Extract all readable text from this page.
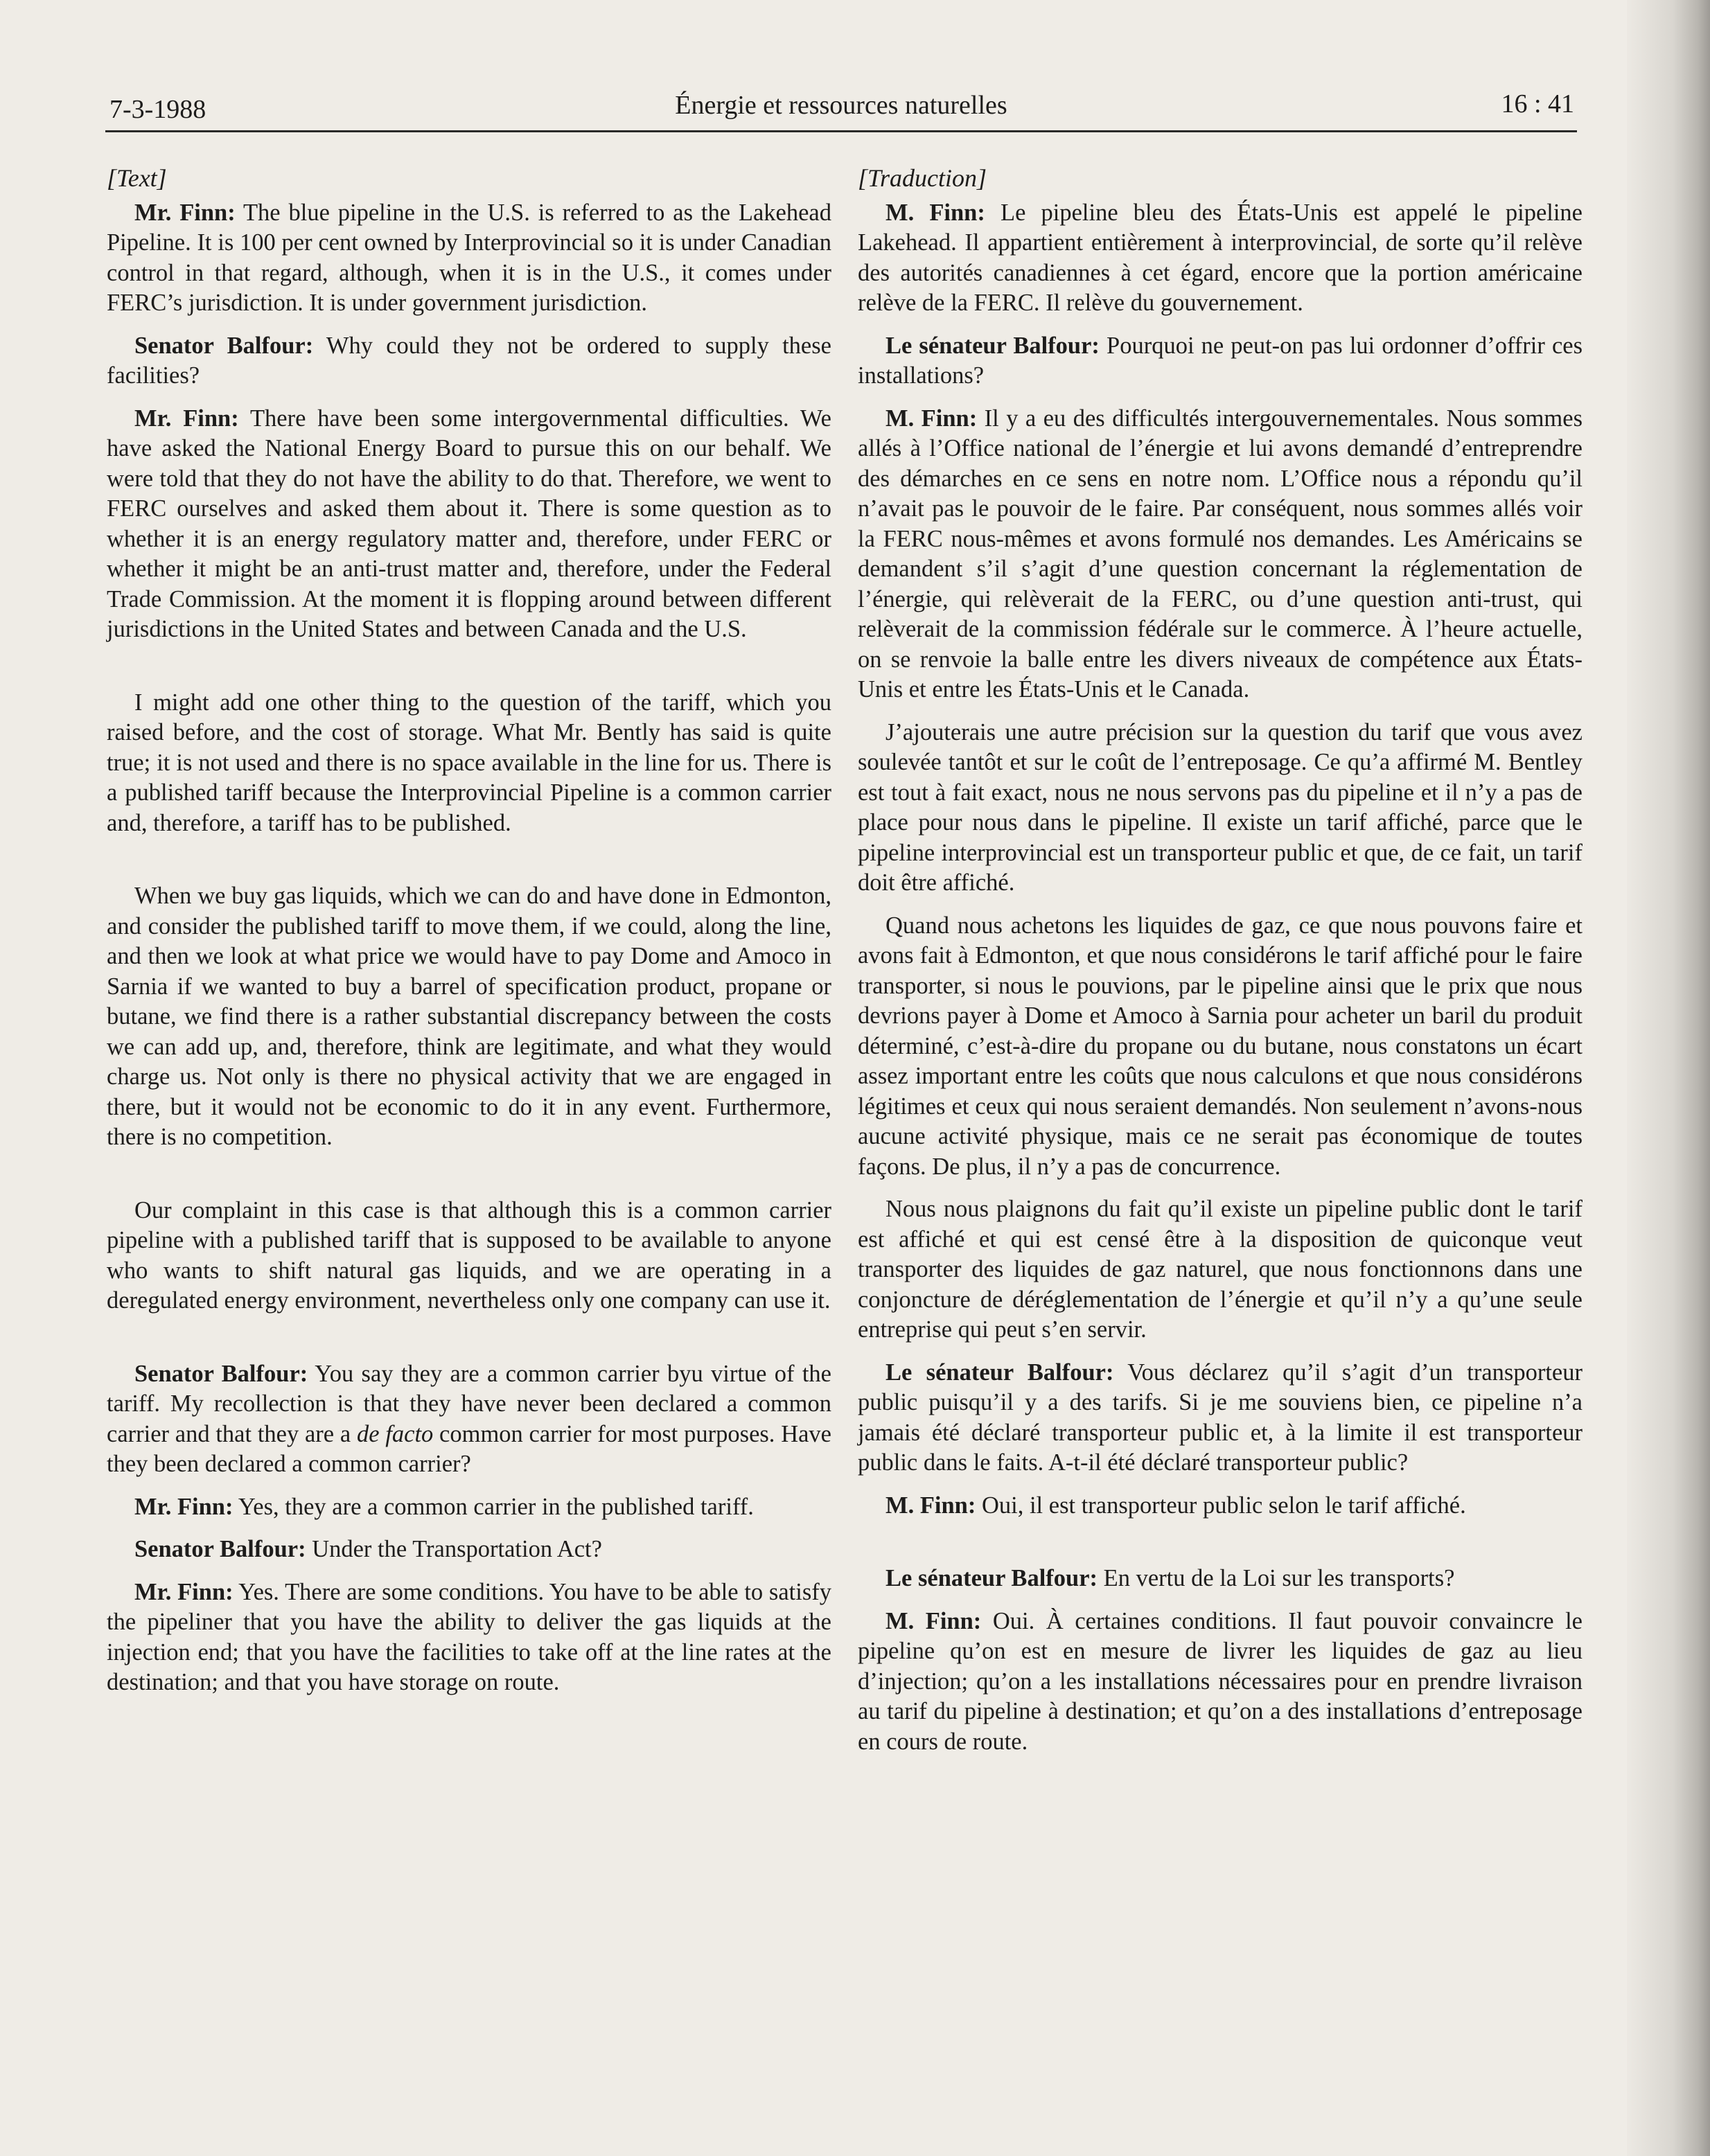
7-3-1988	Énergie et ressources naturelles	16 : 41
[Text]

Mr. Finn: The blue pipeline in the U.S. is referred to as the Lakehead Pipeline. It is 100 per cent owned by Interprovincial so it is under Canadian control in that regard, although, when it is in the U.S., it comes under FERC’s jurisdiction. It is under government jurisdiction.

Senator Balfour: Why could they not be ordered to supply these facilities?

Mr. Finn: There have been some intergovernmental difficulties. We have asked the National Energy Board to pursue this on our behalf. We were told that they do not have the ability to do that. Therefore, we went to FERC ourselves and asked them about it. There is some question as to whether it is an energy regulatory matter and, therefore, under FERC or whether it might be an anti-trust matter and, therefore, under the Federal Trade Commission. At the moment it is flopping around between different jurisdictions in the United States and between Canada and the U.S.

I might add one other thing to the question of the tariff, which you raised before, and the cost of storage. What Mr. Bently has said is quite true; it is not used and there is no space available in the line for us. There is a published tariff because the Interprovincial Pipeline is a common carrier and, therefore, a tariff has to be published.

When we buy gas liquids, which we can do and have done in Edmonton, and consider the published tariff to move them, if we could, along the line, and then we look at what price we would have to pay Dome and Amoco in Sarnia if we wanted to buy a barrel of specification product, propane or butane, we find there is a rather substantial discrepancy between the costs we can add up, and, therefore, think are legitimate, and what they would charge us. Not only is there no physical activity that we are engaged in there, but it would not be economic to do it in any event. Furthermore, there is no competition.

Our complaint in this case is that although this is a common carrier pipeline with a published tariff that is supposed to be available to anyone who wants to shift natural gas liquids, and we are operating in a deregulated energy environment, nevertheless only one company can use it.

Senator Balfour: You say they are a common carrier byu virtue of the tariff. My recollection is that they have never been declared a common carrier and that they are a de facto common carrier for most purposes. Have they been declared a common carrier?

Mr. Finn: Yes, they are a common carrier in the published tariff.

Senator Balfour: Under the Transportation Act?

Mr. Finn: Yes. There are some conditions. You have to be able to satisfy the pipeliner that you have the ability to deliver the gas liquids at the injection end; that you have the facilities to take off at the line rates at the destination; and that you have storage on route.

[Traduction]

M. Finn: Le pipeline bleu des États-Unis est appelé le pipeline Lakehead. Il appartient entièrement à interprovincial, de sorte qu’il relève des autorités canadiennes à cet égard, encore que la portion américaine relève de la FERC. Il relève du gouvernement.

Le sénateur Balfour: Pourquoi ne peut-on pas lui ordonner d’offrir ces installations?

M. Finn: Il y a eu des difficultés intergouvernementales. Nous sommes allés à l’Office national de l’énergie et lui avons demandé d’entreprendre des démarches en ce sens en notre nom. L’Office nous a répondu qu’il n’avait pas le pouvoir de le faire. Par conséquent, nous sommes allés voir la FERC nous-mêmes et avons formulé nos demandes. Les Américains se demandent s’il s’agit d’une question concernant la réglementation de l’énergie, qui relèverait de la FERC, ou d’une question anti-trust, qui relèverait de la commission fédérale sur le commerce. À l’heure actuelle, on se renvoie la balle entre les divers niveaux de compétence aux États-Unis et entre les États-Unis et le Canada.

J’ajouterais une autre précision sur la question du tarif que vous avez soulevée tantôt et sur le coût de l’entreposage. Ce qu’a affirmé M. Bentley est tout à fait exact, nous ne nous servons pas du pipeline et il n’y a pas de place pour nous dans le pipeline. Il existe un tarif affiché, parce que le pipeline interprovincial est un transporteur public et que, de ce fait, un tarif doit être affiché.

Quand nous achetons les liquides de gaz, ce que nous pouvons faire et avons fait à Edmonton, et que nous considérons le tarif affiché pour le faire transporter, si nous le pouvions, par le pipeline ainsi que le prix que nous devrions payer à Dome et Amoco à Sarnia pour acheter un baril du produit déterminé, c’est-à-dire du propane ou du butane, nous constatons un écart assez important entre les coûts que nous calculons et que nous considérons légitimes et ceux qui nous seraient demandés. Non seulement n’avons-nous aucune activité physique, mais ce ne serait pas économique de toutes façons. De plus, il n’y a pas de concurrence.

Nous nous plaignons du fait qu’il existe un pipeline public dont le tarif est affiché et qui est censé être à la disposition de quiconque veut transporter des liquides de gaz naturel, que nous fonctionnons dans une conjoncture de déréglementation de l’énergie et qu’il n’y a qu’une seule entreprise qui peut s’en servir.

Le sénateur Balfour: Vous déclarez qu’il s’agit d’un transporteur public puisqu’il y a des tarifs. Si je me souviens bien, ce pipeline n’a jamais été déclaré transporteur public et, à la limite il est transporteur public dans le faits. A-t-il été déclaré transporteur public?

M. Finn: Oui, il est transporteur public selon le tarif affiché.

Le sénateur Balfour: En vertu de la Loi sur les transports?

M. Finn: Oui. À certaines conditions. Il faut pouvoir convaincre le pipeline qu’on est en mesure de livrer les liquides de gaz au lieu d’injection; qu’on a les installations nécessaires pour en prendre livraison au tarif du pipeline à destination; et qu’on a des installations d’entreposage en cours de route.
